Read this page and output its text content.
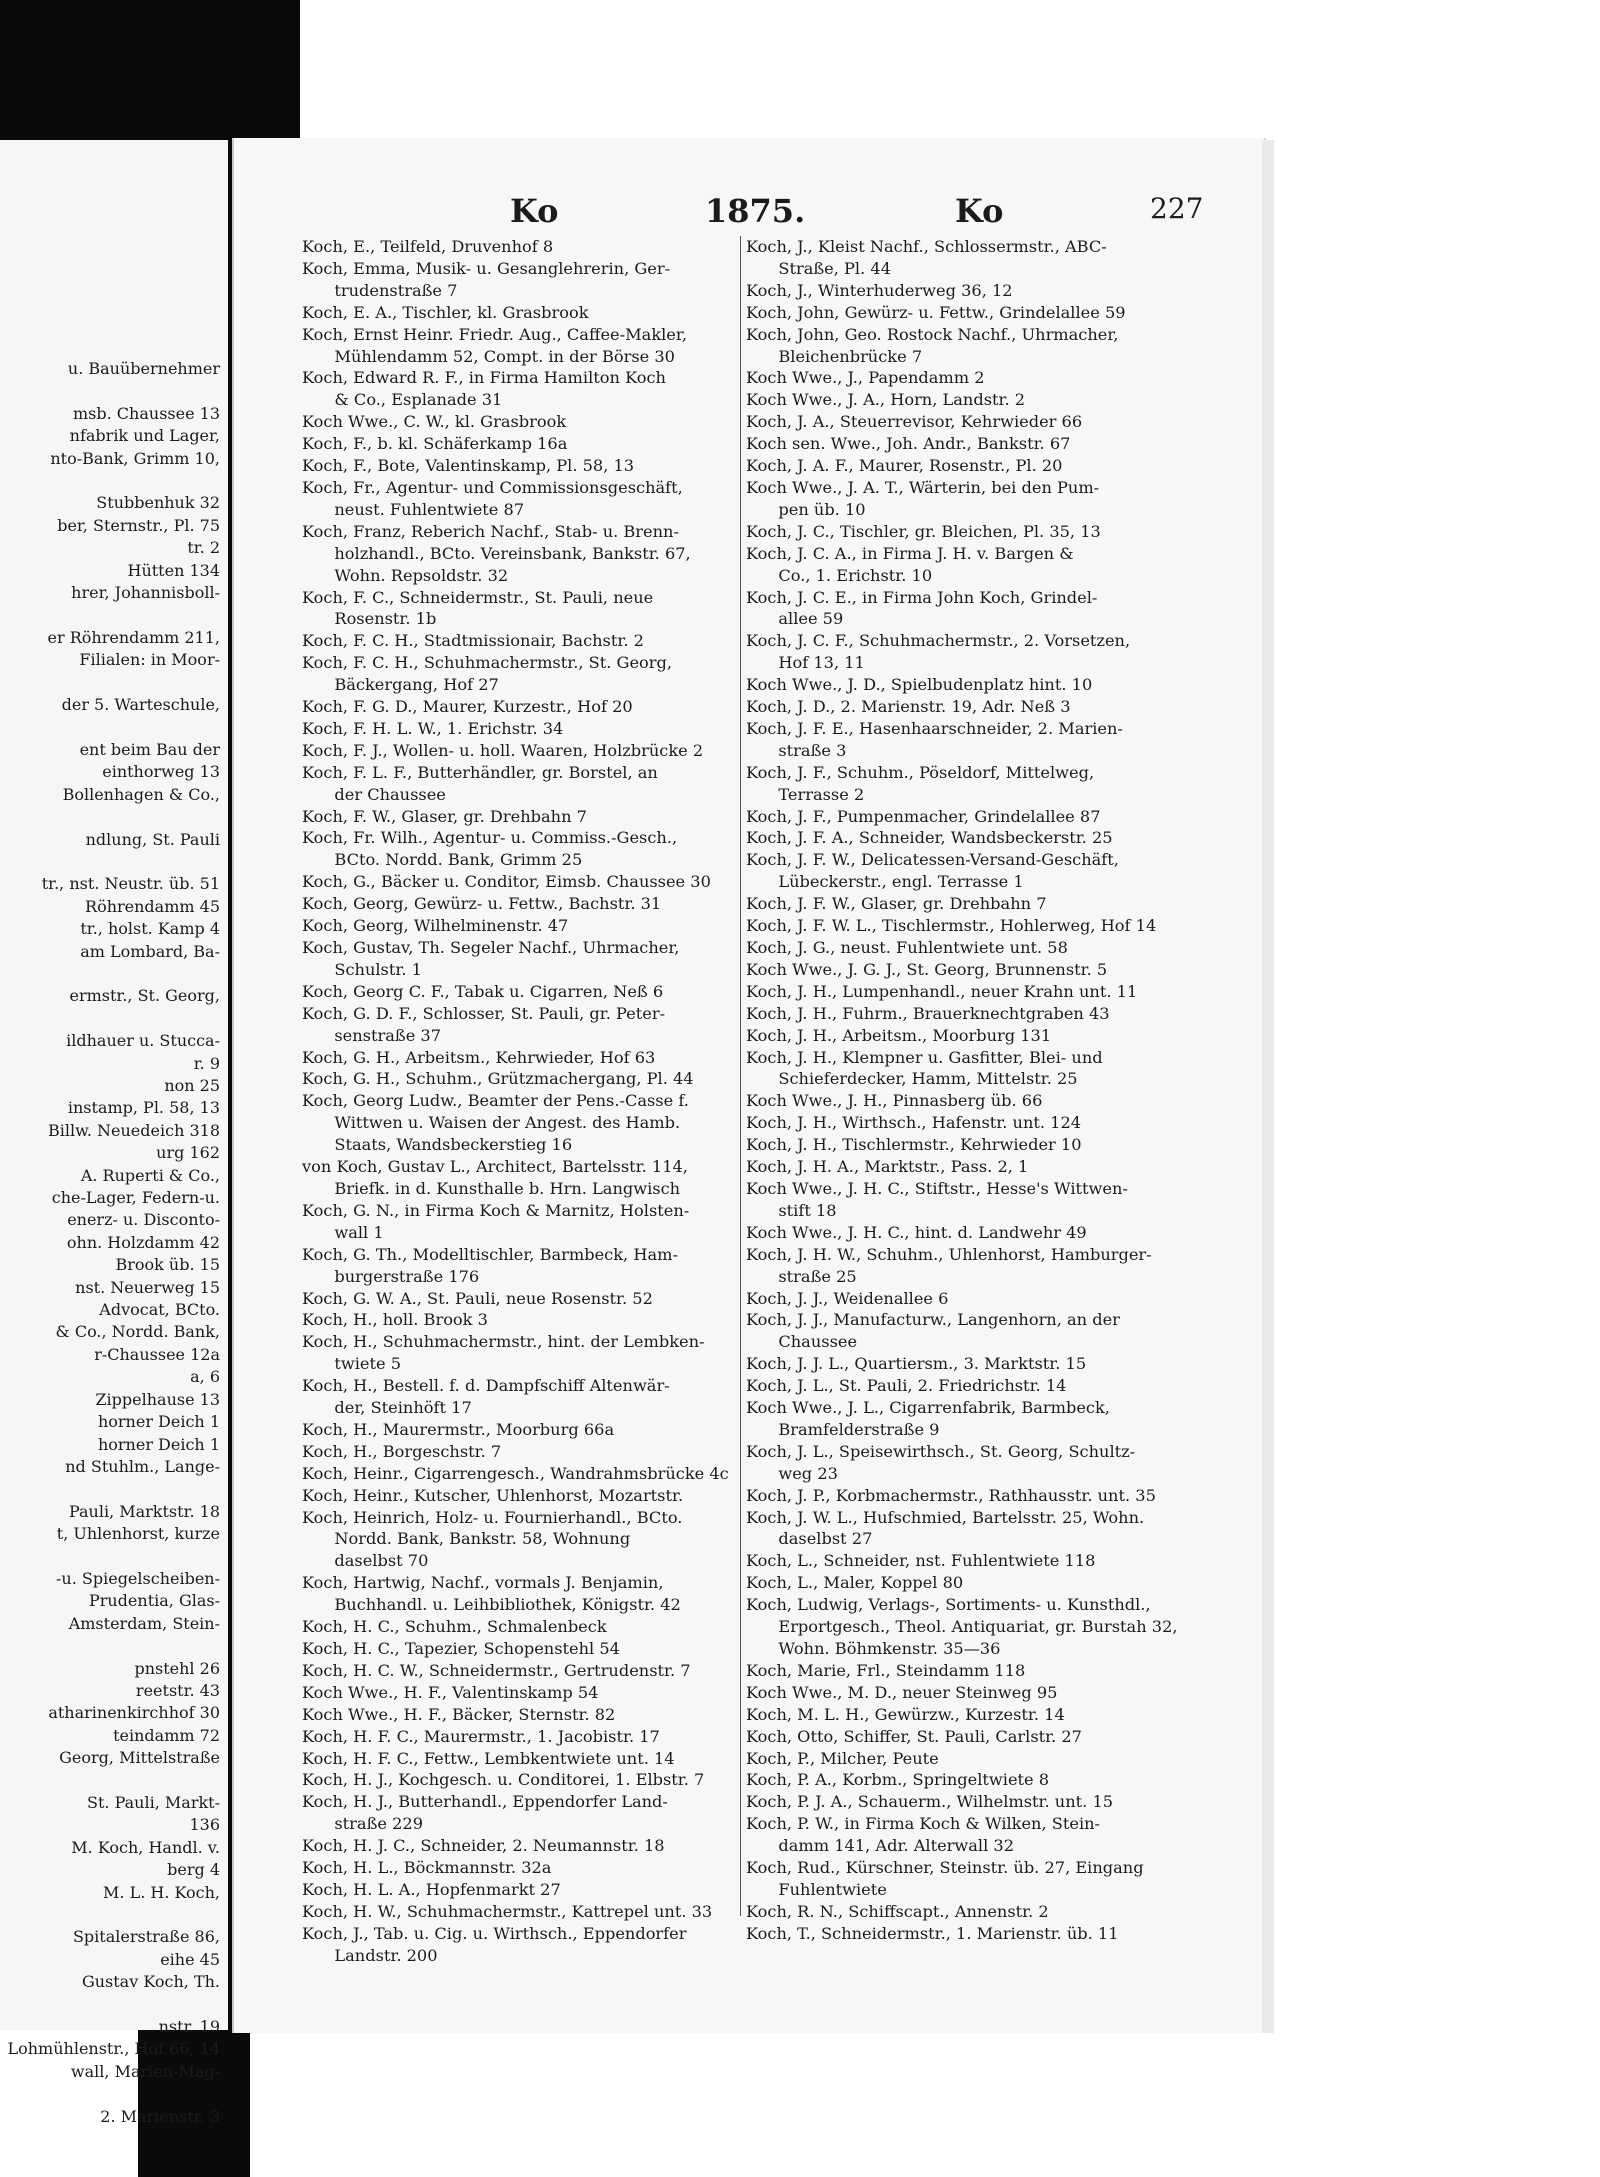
u. Bauübernehmer

msb. Chaussee 13
nfabrik und Lager,
nto-Bank, Grimm 10,

Stubbenhuk 32
ber, Sternstr., Pl. 75
tr. 2
Hütten 134
hrer, Johannisboll-

er Röhrendamm 211,
Filialen: in Moor-

der 5. Warteschule,

ent beim Bau der
einthorweg 13
Bollenhagen & Co.,

ndlung, St. Pauli

tr., nst. Neustr. üb. 51
Röhrendamm 45
tr., holst. Kamp 4
am Lombard, Ba-

ermstr., St. Georg,

ildhauer u. Stucca-
r. 9
non 25
instamp, Pl. 58, 13
Billw. Neuedeich 318
urg 162
A. Ruperti & Co.,
che-Lager, Federn-u.
enerz- u. Disconto-
ohn. Holzdamm 42
Brook üb. 15
nst. Neuerweg 15
Advocat, BCto.
& Co., Nordd. Bank,
r-Chaussee 12a
a, 6
Zippelhause 13
horner Deich 1
horner Deich 1
nd Stuhlm., Lange-

Pauli, Marktstr. 18
t, Uhlenhorst, kurze

-u. Spiegelscheiben-
Prudentia, Glas-
Amsterdam, Stein-

pnstehl 26
reetstr. 43
atharinenkirchhof 30
teindamm 72
Georg, Mittelstraße

St. Pauli, Markt-
136
M. Koch, Handl. v.
berg 4
M. L. H. Koch,

Spitalerstraße 86,
eihe 45
Gustav Koch, Th.

nstr. 19
Lohmühlenstr., Hof 66, 14
wall, Marien-Mag-

2. Marienstr. 3
Ko	1875.	Ko	227
Koch, E., Teilfeld, Druvenhof 8
Koch, Emma, Musik- u. Gesanglehrerin, Ger-
  trudenstraße 7
Koch, E. A., Tischler, kl. Grasbrook
Koch, Ernst Heinr. Friedr. Aug., Caffee-Makler,
  Mühlendamm 52, Compt. in der Börse 30
Koch, Edward R. F., in Firma Hamilton Koch
  & Co., Esplanade 31
Koch Wwe., C. W., kl. Grasbrook
Koch, F., b. kl. Schäferkamp 16a
Koch, F., Bote, Valentinskamp, Pl. 58, 13
Koch, Fr., Agentur- und Commissionsgeschäft,
  neust. Fuhlentwiete 87
Koch, Franz, Reberich Nachf., Stab- u. Brenn-
  holzhandl., BCto. Vereinsbank, Bankstr. 67,
  Wohn. Repsoldstr. 32
Koch, F. C., Schneidermstr., St. Pauli, neue
  Rosenstr. 1b
Koch, F. C. H., Stadtmissionair, Bachstr. 2
Koch, F. C. H., Schuhmachermstr., St. Georg,
  Bäckergang, Hof 27
Koch, F. G. D., Maurer, Kurzestr., Hof 20
Koch, F. H. L. W., 1. Erichstr. 34
Koch, F. J., Wollen- u. holl. Waaren, Holzbrücke 2
Koch, F. L. F., Butterhändler, gr. Borstel, an
  der Chaussee
Koch, F. W., Glaser, gr. Drehbahn 7
Koch, Fr. Wilh., Agentur- u. Commiss.-Gesch.,
  BCto. Nordd. Bank, Grimm 25
Koch, G., Bäcker u. Conditor, Eimsb. Chaussee 30
Koch, Georg, Gewürz- u. Fettw., Bachstr. 31
Koch, Georg, Wilhelminenstr. 47
Koch, Gustav, Th. Segeler Nachf., Uhrmacher,
  Schulstr. 1
Koch, Georg C. F., Tabak u. Cigarren, Neß 6
Koch, G. D. F., Schlosser, St. Pauli, gr. Peter-
  senstraße 37
Koch, G. H., Arbeitsm., Kehrwieder, Hof 63
Koch, G. H., Schuhm., Grützmachergang, Pl. 44
Koch, Georg Ludw., Beamter der Pens.-Casse f.
  Wittwen u. Waisen der Angest. des Hamb.
  Staats, Wandsbeckerstieg 16
von Koch, Gustav L., Architect, Bartelsstr. 114,
  Briefk. in d. Kunsthalle b. Hrn. Langwisch
Koch, G. N., in Firma Koch & Marnitz, Holsten-
  wall 1
Koch, G. Th., Modelltischler, Barmbeck, Ham-
  burgerstraße 176
Koch, G. W. A., St. Pauli, neue Rosenstr. 52
Koch, H., holl. Brook 3
Koch, H., Schuhmachermstr., hint. der Lembken-
  twiete 5
Koch, H., Bestell. f. d. Dampfschiff Altenwär-
  der, Steinhöft 17
Koch, H., Maurermstr., Moorburg 66a
Koch, H., Borgeschstr. 7
Koch, Heinr., Cigarrengesch., Wandrahmsbrücke 4c
Koch, Heinr., Kutscher, Uhlenhorst, Mozartstr.
Koch, Heinrich, Holz- u. Fournierhandl., BCto.
  Nordd. Bank, Bankstr. 58, Wohnung
  daselbst 70
Koch, Hartwig, Nachf., vormals J. Benjamin,
  Buchhandl. u. Leihbibliothek, Königstr. 42
Koch, H. C., Schuhm., Schmalenbeck
Koch, H. C., Tapezier, Schopenstehl 54
Koch, H. C. W., Schneidermstr., Gertrudenstr. 7
Koch Wwe., H. F., Valentinskamp 54
Koch Wwe., H. F., Bäcker, Sternstr. 82
Koch, H. F. C., Maurermstr., 1. Jacobistr. 17
Koch, H. F. C., Fettw., Lembkentwiete unt. 14
Koch, H. J., Kochgesch. u. Conditorei, 1. Elbstr. 7
Koch, H. J., Butterhandl., Eppendorfer Land-
  straße 229
Koch, H. J. C., Schneider, 2. Neumannstr. 18
Koch, H. L., Böckmannstr. 32a
Koch, H. L. A., Hopfenmarkt 27
Koch, H. W., Schuhmachermstr., Kattrepel unt. 33
Koch, J., Tab. u. Cig. u. Wirthsch., Eppendorfer
  Landstr. 200
Koch, J., Kleist Nachf., Schlossermstr., ABC-
  Straße, Pl. 44
Koch, J., Winterhuderweg 36, 12
Koch, John, Gewürz- u. Fettw., Grindelallee 59
Koch, John, Geo. Rostock Nachf., Uhrmacher,
  Bleichenbrücke 7
Koch Wwe., J., Papendamm 2
Koch Wwe., J. A., Horn, Landstr. 2
Koch, J. A., Steuerrevisor, Kehrwieder 66
Koch sen. Wwe., Joh. Andr., Bankstr. 67
Koch, J. A. F., Maurer, Rosenstr., Pl. 20
Koch Wwe., J. A. T., Wärterin, bei den Pum-
  pen üb. 10
Koch, J. C., Tischler, gr. Bleichen, Pl. 35, 13
Koch, J. C. A., in Firma J. H. v. Bargen &
  Co., 1. Erichstr. 10
Koch, J. C. E., in Firma John Koch, Grindel-
  allee 59
Koch, J. C. F., Schuhmachermstr., 2. Vorsetzen,
  Hof 13, 11
Koch Wwe., J. D., Spielbudenplatz hint. 10
Koch, J. D., 2. Marienstr. 19, Adr. Neß 3
Koch, J. F. E., Hasenhaarschneider, 2. Marien-
  straße 3
Koch, J. F., Schuhm., Pöseldorf, Mittelweg,
  Terrasse 2
Koch, J. F., Pumpenmacher, Grindelallee 87
Koch, J. F. A., Schneider, Wandsbeckerstr. 25
Koch, J. F. W., Delicatessen-Versand-Geschäft,
  Lübeckerstr., engl. Terrasse 1
Koch, J. F. W., Glaser, gr. Drehbahn 7
Koch, J. F. W. L., Tischlermstr., Hohlerweg, Hof 14
Koch, J. G., neust. Fuhlentwiete unt. 58
Koch Wwe., J. G. J., St. Georg, Brunnenstr. 5
Koch, J. H., Lumpenhandl., neuer Krahn unt. 11
Koch, J. H., Fuhrm., Brauerknechtgraben 43
Koch, J. H., Arbeitsm., Moorburg 131
Koch, J. H., Klempner u. Gasfitter, Blei- und
  Schieferdecker, Hamm, Mittelstr. 25
Koch Wwe., J. H., Pinnasberg üb. 66
Koch, J. H., Wirthsch., Hafenstr. unt. 124
Koch, J. H., Tischlermstr., Kehrwieder 10
Koch, J. H. A., Marktstr., Pass. 2, 1
Koch Wwe., J. H. C., Stiftstr., Hesse's Wittwen-
  stift 18
Koch Wwe., J. H. C., hint. d. Landwehr 49
Koch, J. H. W., Schuhm., Uhlenhorst, Hamburger-
  straße 25
Koch, J. J., Weidenallee 6
Koch, J. J., Manufacturw., Langenhorn, an der
  Chaussee
Koch, J. J. L., Quartiersm., 3. Marktstr. 15
Koch, J. L., St. Pauli, 2. Friedrichstr. 14
Koch Wwe., J. L., Cigarrenfabrik, Barmbeck,
  Bramfelderstraße 9
Koch, J. L., Speisewirthsch., St. Georg, Schultz-
  weg 23
Koch, J. P., Korbmachermstr., Rathhausstr. unt. 35
Koch, J. W. L., Hufschmied, Bartelsstr. 25, Wohn.
  daselbst 27
Koch, L., Schneider, nst. Fuhlentwiete 118
Koch, L., Maler, Koppel 80
Koch, Ludwig, Verlags-, Sortiments- u. Kunsthdl.,
  Erportgesch., Theol. Antiquariat, gr. Burstah 32,
  Wohn. Böhmkenstr. 35—36
Koch, Marie, Frl., Steindamm 118
Koch Wwe., M. D., neuer Steinweg 95
Koch, M. L. H., Gewürzw., Kurzestr. 14
Koch, Otto, Schiffer, St. Pauli, Carlstr. 27
Koch, P., Milcher, Peute
Koch, P. A., Korbm., Springeltwiete 8
Koch, P. J. A., Schauerm., Wilhelmstr. unt. 15
Koch, P. W., in Firma Koch & Wilken, Stein-
  damm 141, Adr. Alterwall 32
Koch, Rud., Kürschner, Steinstr. üb. 27, Eingang
  Fuhlentwiete
Koch, R. N., Schiffscapt., Annenstr. 2
Koch, T., Schneidermstr., 1. Marienstr. üb. 11
